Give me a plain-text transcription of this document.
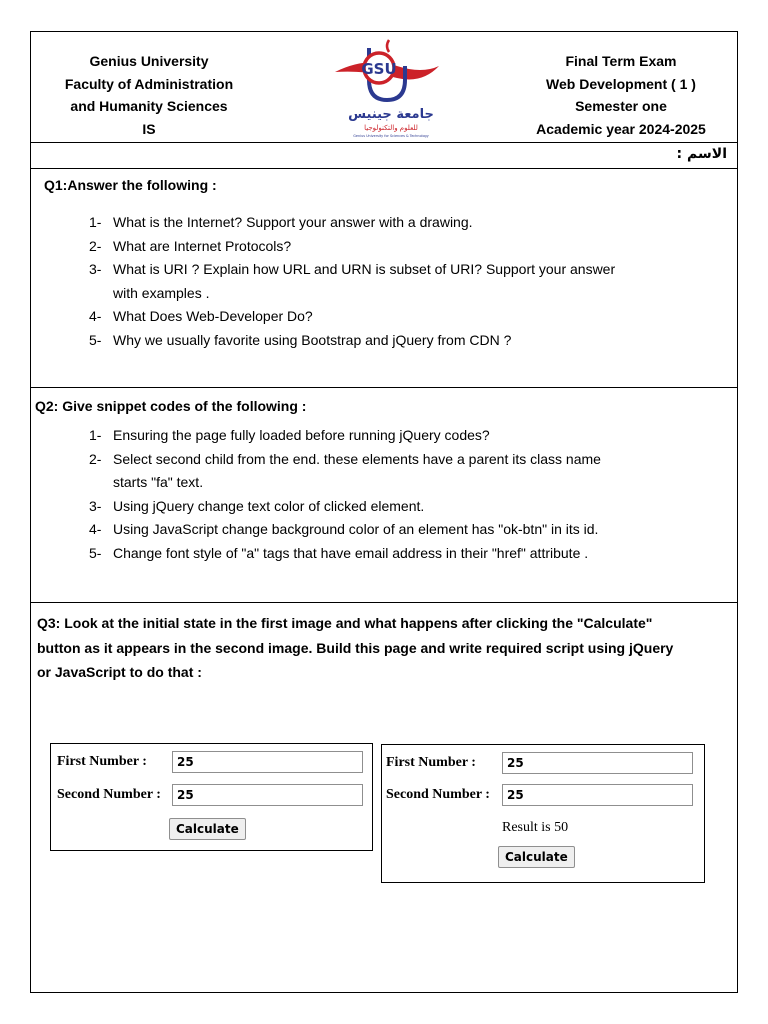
Genius University
Faculty of Administration
and Humanity Sciences
IS
GSU
جامعة جينيس
للعلوم والتكنولوجيا
Genius University for Sciences & Technology
Final Term Exam
Web Development ( 1 )
Semester one
Academic year 2024-2025
الاسم :
Q1:Answer the following :
1- What is the Internet? Support your answer with a drawing.
2- What are Internet Protocols?
3- What is URI ? Explain how URL and URN is subset of URI? Support your answer
with examples .
4- What Does Web-Developer Do?
5- Why we usually favorite using Bootstrap and jQuery from CDN ?
Q2: Give snippet codes of the following :
1- Ensuring the page fully loaded before running jQuery codes?
2- Select second child from the end. these elements have a parent its class name
starts "fa" text.
3- Using jQuery change text color of clicked element.
4- Using JavaScript change background color of an element has "ok-btn" in its id.
5- Change font style of "a" tags that have email address in their "href" attribute .
Q3: Look at the initial state in the first image and what happens after clicking the "Calculate"
button as it appears in the second image. Build this page and write required script using jQuery
or JavaScript to do that :
First Number :	25
Second Number :	25
Calculate
First Number :	25
Second Number :	25
Result is 50
Calculate
